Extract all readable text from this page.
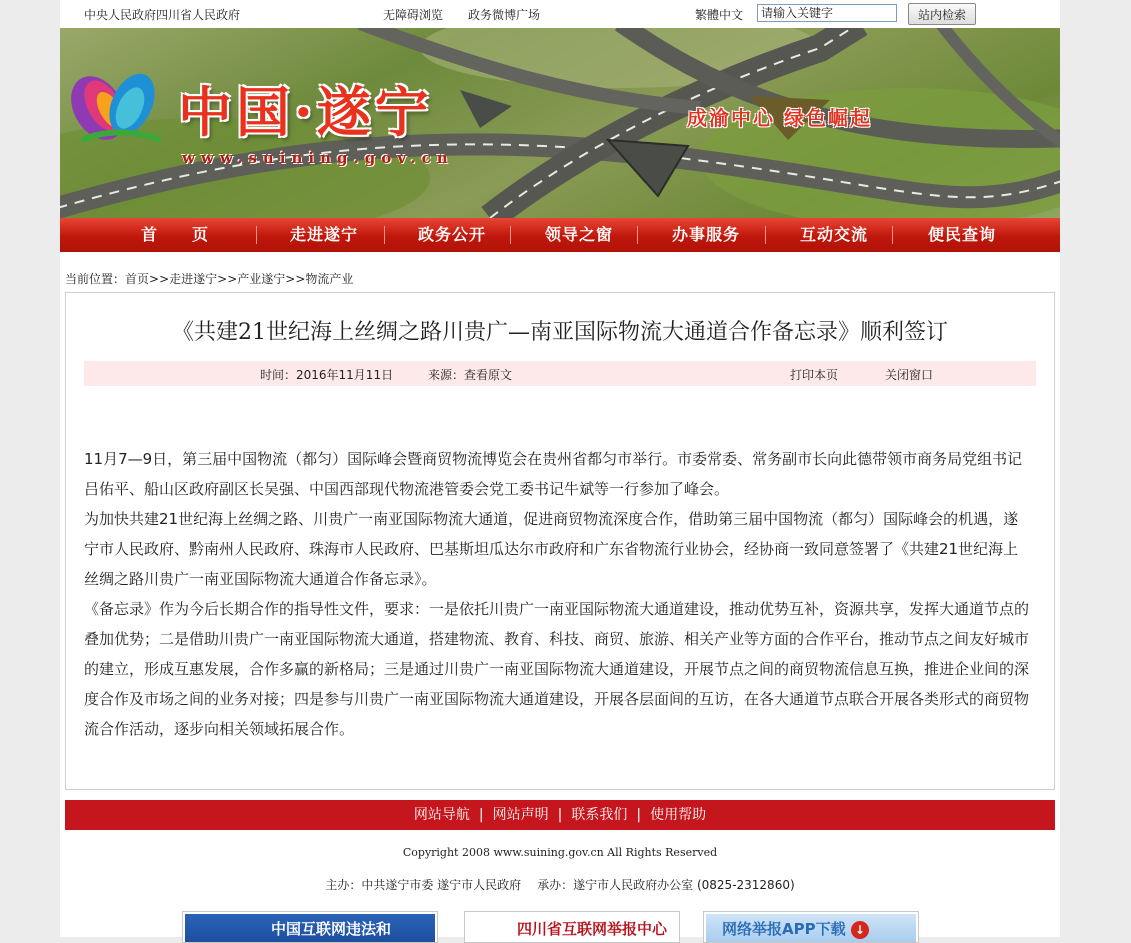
中央人民政府四川省人民政府	无障碍浏览 政务微博广场	繁體中文
请输入关键字	站内检索
中国·遂宁
www.suining.gov.cn
成渝中心 绿色崛起
首　　页	走进遂宁	政务公开	领导之窗	办事服务	互动交流	便民查询
当前位置：首页>>走进遂宁>>产业遂宁>>物流产业
《共建21世纪海上丝绸之路川贵广—南亚国际物流大通道合作备忘录》顺利签订
时间：2016年11月11日	来源：查看原文	打印本页	关闭窗口

11月7—9日，第三届中国物流（都匀）国际峰会暨商贸物流博览会在贵州省都匀市举行。市委常委、常务副市长向此德带领市商务局党组书记吕佑平、船山区政府副区长吴强、中国西部现代物流港管委会党工委书记牛斌等一行参加了峰会。

为加快共建21世纪海上丝绸之路、川贵广一南亚国际物流大通道，促进商贸物流深度合作，借助第三届中国物流（都匀）国际峰会的机遇，遂宁市人民政府、黔南州人民政府、珠海市人民政府、巴基斯坦瓜达尔市政府和广东省物流行业协会，经协商一致同意签署了《共建21世纪海上丝绸之路川贵广一南亚国际物流大通道合作备忘录》。

《备忘录》作为今后长期合作的指导性文件，要求：一是依托川贵广一南亚国际物流大通道建设，推动优势互补，资源共享，发挥大通道节点的叠加优势；二是借助川贵广一南亚国际物流大通道，搭建物流、教育、科技、商贸、旅游、相关产业等方面的合作平台，推动节点之间友好城市的建立，形成互惠发展，合作多赢的新格局；三是通过川贵广一南亚国际物流大通道建设，开展节点之间的商贸物流信息互换，推进企业间的深度合作及市场之间的业务对接；四是参与川贵广一南亚国际物流大通道建设，开展各层面间的互访，在各大通道节点联合开展各类形式的商贸物流合作活动，逐步向相关领域拓展合作。

网站导航 | 网站声明 | 联系我们 | 使用帮助
Copyright 2008 www.suining.gov.cn All Rights Reserved
主办：中共遂宁市委 遂宁市人民政府 承办：遂宁市人民政府办公室 (0825-2312860)
中国互联网违法和	四川省互联网举报中心	网络举报APP下载 ↓
